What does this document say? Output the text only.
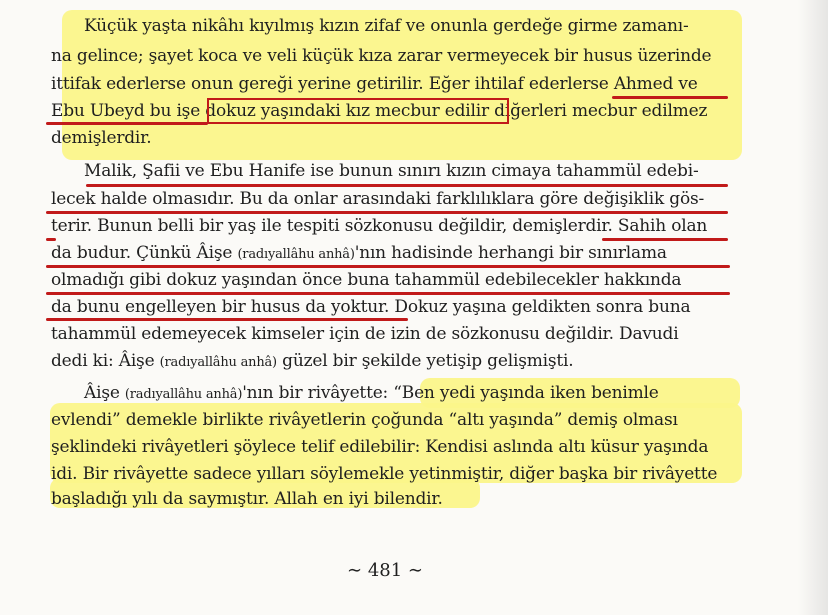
Küçük yaşta nikâhı kıyılmış kızın zifaf ve onunla gerdeğe girme zamanı-
na gelince; şayet koca ve veli küçük kıza zarar vermeyecek bir husus üzerinde
ittifak ederlerse onun gereği yerine getirilir. Eğer ihtilaf ederlerse Ahmed ve
Ebu Ubeyd bu işe dokuz yaşındaki kız mecbur edilir diğerleri mecbur edilmez
demişlerdir.
Malik, Şafii ve Ebu Hanife ise bunun sınırı kızın cimaya tahammül edebi-
lecek halde olmasıdır. Bu da onlar arasındaki farklılıklara göre değişiklik gös-
terir. Bunun belli bir yaş ile tespiti sözkonusu değildir, demişlerdir. Sahih olan
da budur. Çünkü Âişe (radıyallâhu anhâ)'nın hadisinde herhangi bir sınırlama
olmadığı gibi dokuz yaşından önce buna tahammül edebilecekler hakkında
da bunu engelleyen bir husus da yoktur. Dokuz yaşına geldikten sonra buna
tahammül edemeyecek kimseler için de izin de sözkonusu değildir. Davudi
dedi ki: Âişe (radıyallâhu anhâ) güzel bir şekilde yetişip gelişmişti.
Âişe (radıyallâhu anhâ)'nın bir rivâyette: “Ben yedi yaşında iken benimle
evlendi” demekle birlikte rivâyetlerin çoğunda “altı yaşında” demiş olması
şeklindeki rivâyetleri şöylece telif edilebilir: Kendisi aslında altı küsur yaşında
idi. Bir rivâyette sadece yılları söylemekle yetinmiştir, diğer başka bir rivâyette
başladığı yılı da saymıştır. Allah en iyi bilendir.
∼ 481 ∼
